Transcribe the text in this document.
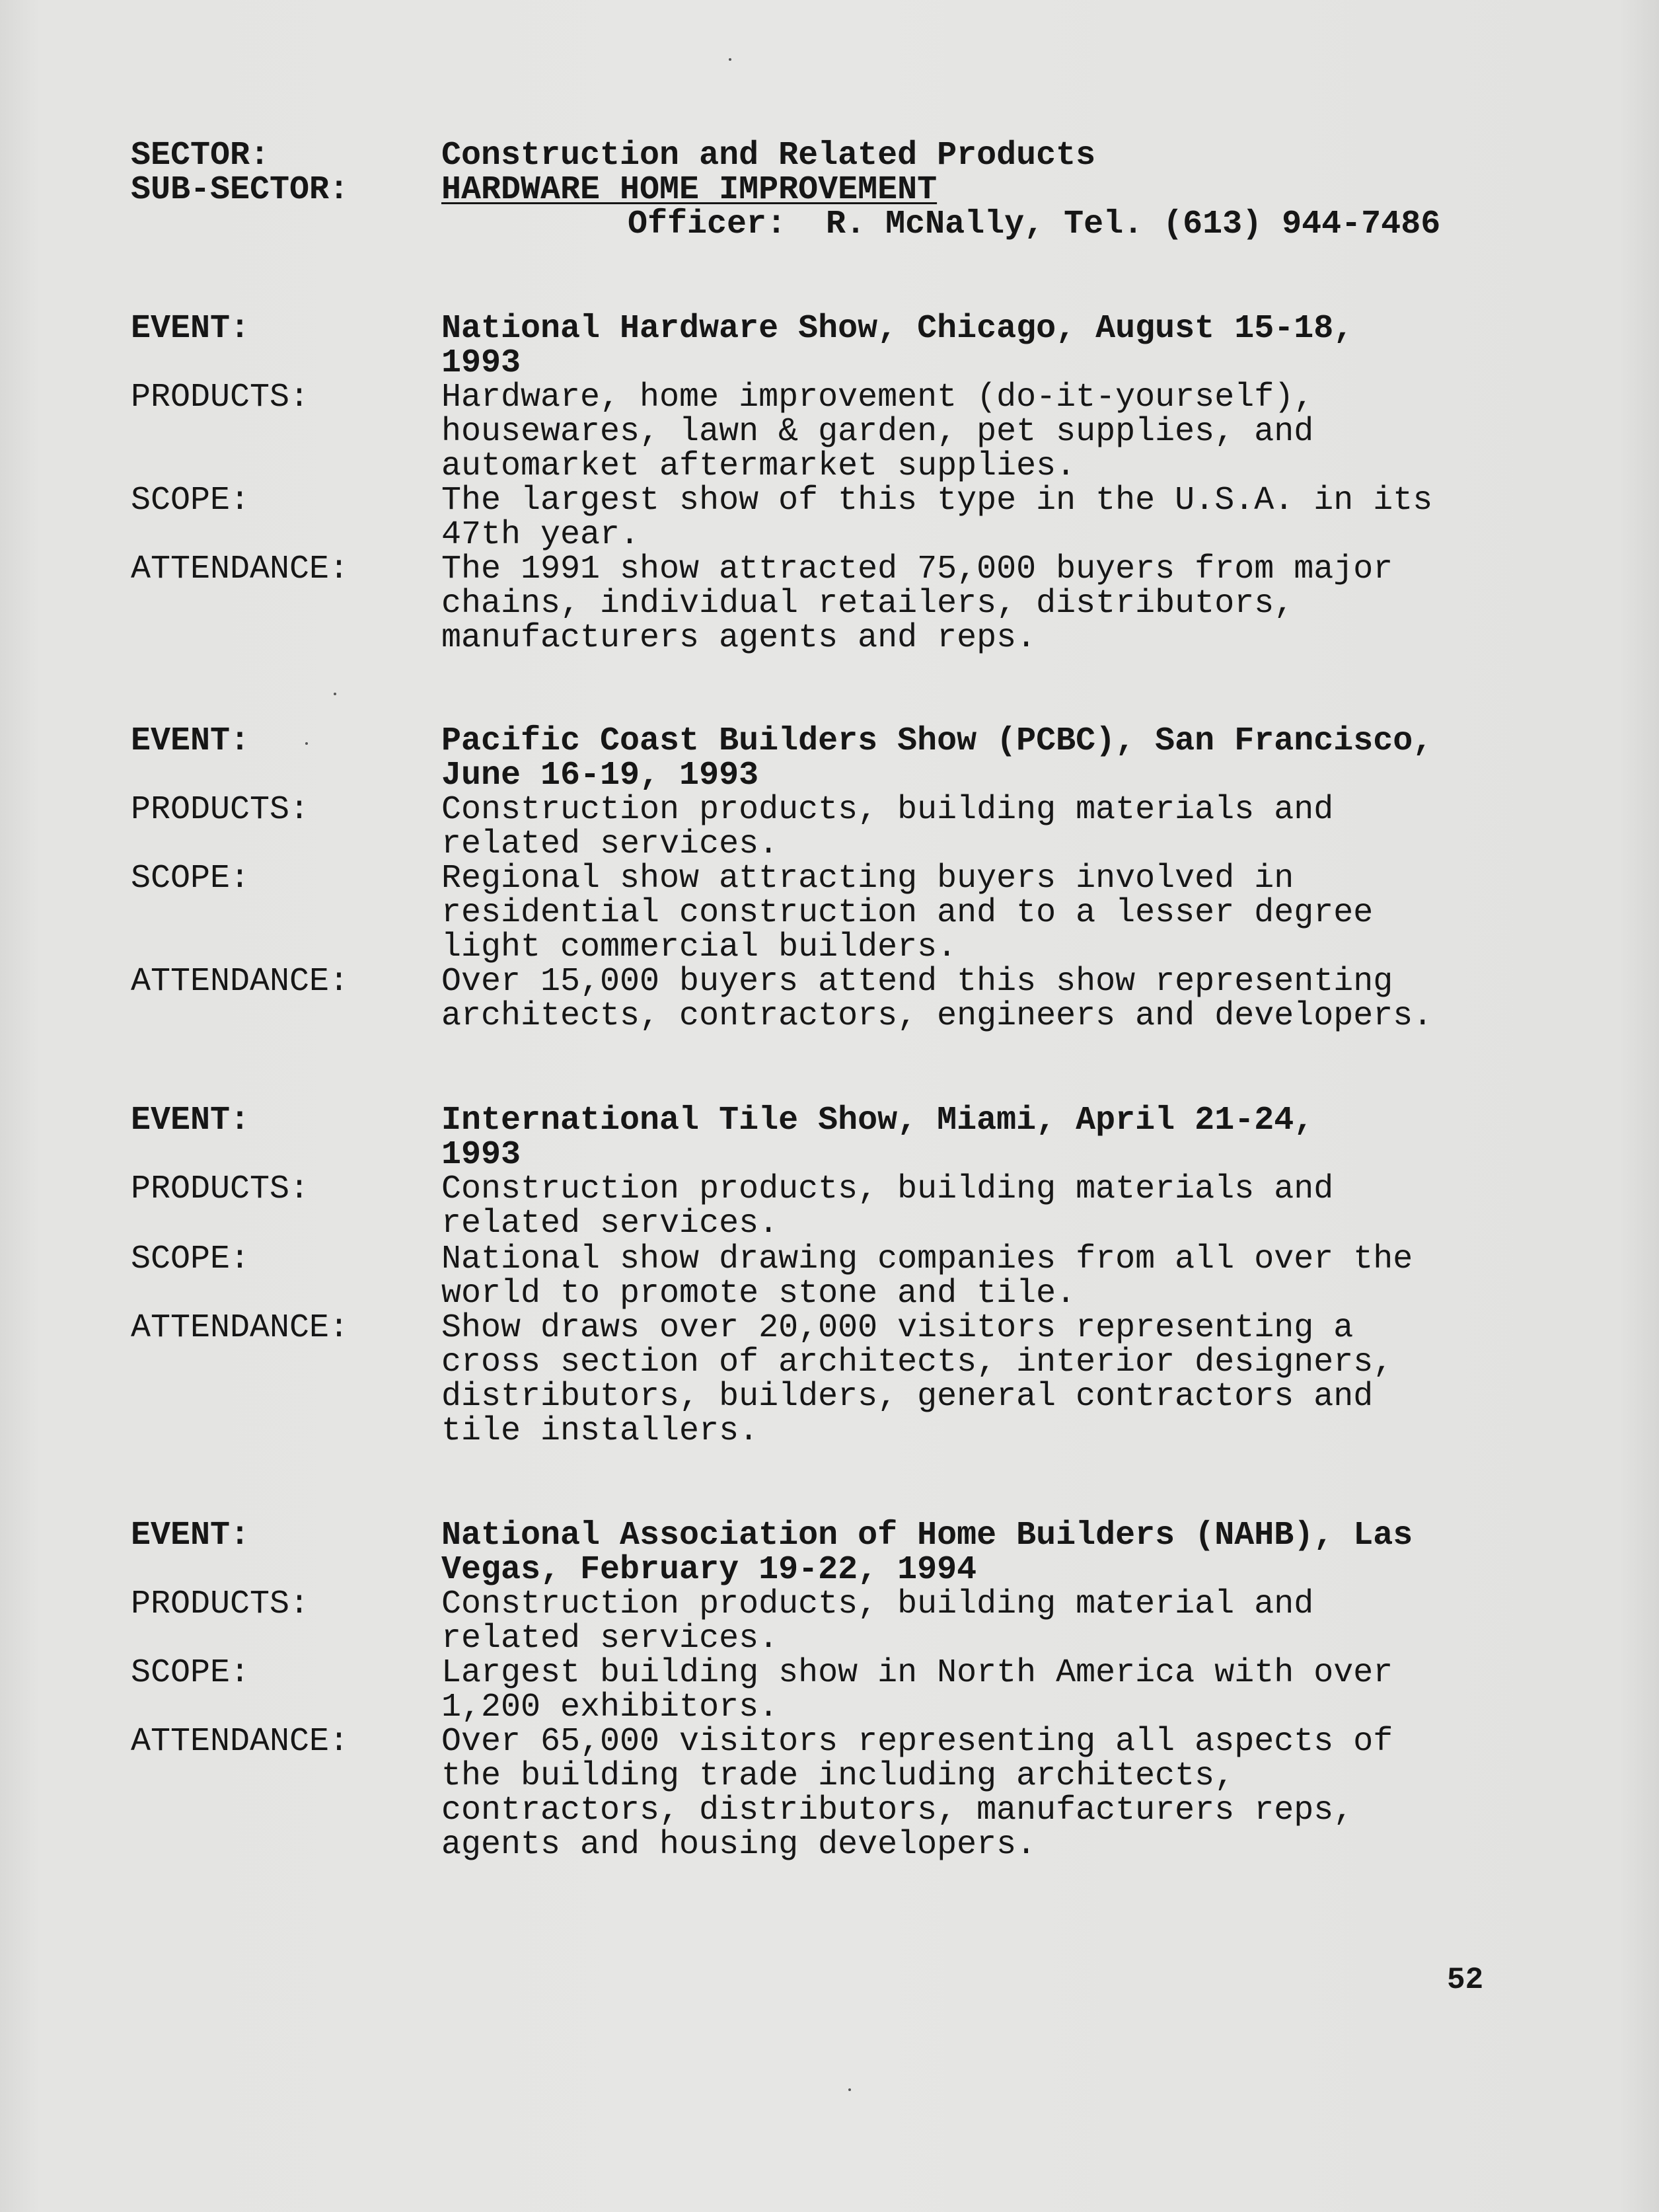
SECTOR:	Construction and Related Products
SUB-SECTOR:	HARDWARE HOME IMPROVEMENT
Officer:  R. McNally, Tel. (613) 944-7486
EVENT:	National Hardware Show, Chicago, August 15-18,
1993
PRODUCTS:	Hardware, home improvement (do-it-yourself),
housewares, lawn & garden, pet supplies, and
automarket aftermarket supplies.
SCOPE:	The largest show of this type in the U.S.A. in its
47th year.
ATTENDANCE:	The 1991 show attracted 75,000 buyers from major
chains, individual retailers, distributors,
manufacturers agents and reps.
EVENT:	Pacific Coast Builders Show (PCBC), San Francisco,
June 16-19, 1993
PRODUCTS:	Construction products, building materials and
related services.
SCOPE:	Regional show attracting buyers involved in
residential construction and to a lesser degree
light commercial builders.
ATTENDANCE:	Over 15,000 buyers attend this show representing
architects, contractors, engineers and developers.
EVENT:	International Tile Show, Miami, April 21-24,
1993
PRODUCTS:	Construction products, building materials and
related services.
SCOPE:	National show drawing companies from all over the
world to promote stone and tile.
ATTENDANCE:	Show draws over 20,000 visitors representing a
cross section of architects, interior designers,
distributors, builders, general contractors and
tile installers.
EVENT:	National Association of Home Builders (NAHB), Las
Vegas, February 19-22, 1994
PRODUCTS:	Construction products, building material and
related services.
SCOPE:	Largest building show in North America with over
1,200 exhibitors.
ATTENDANCE:	Over 65,000 visitors representing all aspects of
the building trade including architects,
contractors, distributors, manufacturers reps,
agents and housing developers.
52
